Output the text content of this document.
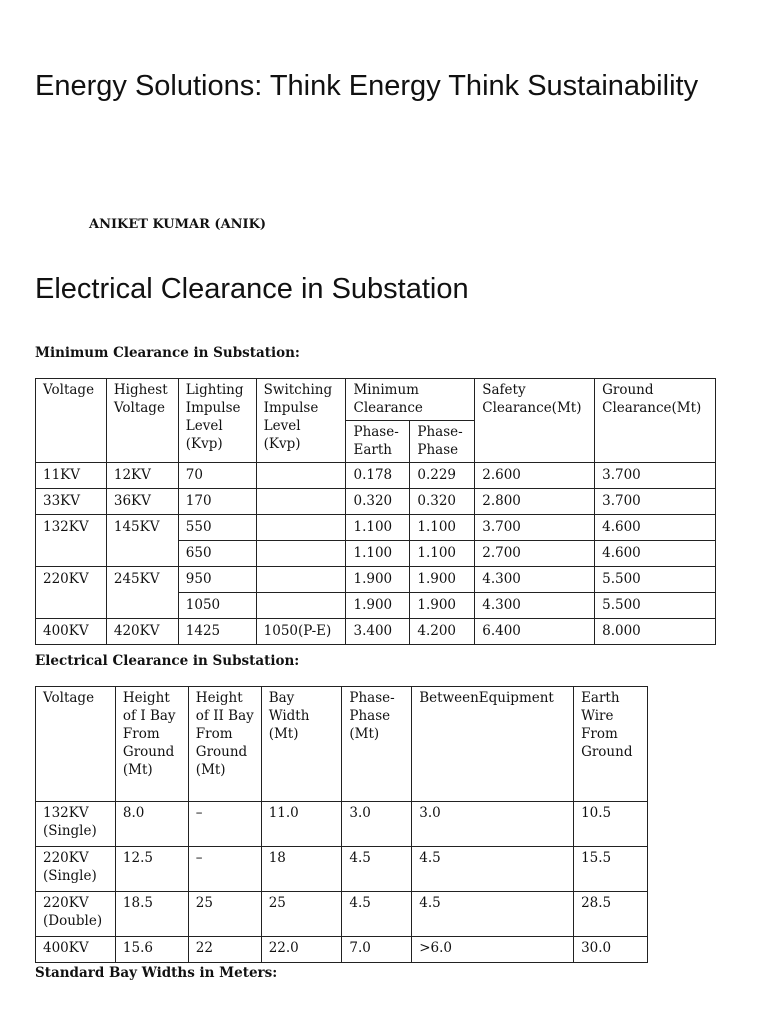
Energy Solutions: Think Energy Think Sustainability
ANIKET KUMAR (ANIK)
Electrical Clearance in Substation
Minimum Clearance in Substation:
Voltage	Highest Voltage	Lighting Impulse Level (Kvp)	Switching Impulse Level (Kvp)	Minimum Clearance		Safety Clearance(Mt)	Ground Clearance(Mt)
				Phase-Earth	Phase-Phase		
11KV	12KV	70		0.178	0.229	2.600	3.700
33KV	36KV	170		0.320	0.320	2.800	3.700
132KV	145KV	550		1.100	1.100	3.700	4.600
		650		1.100	1.100	2.700	4.600
220KV	245KV	950		1.900	1.900	4.300	5.500
		1050		1.900	1.900	4.300	5.500
400KV	420KV	1425	1050(P-E)	3.400	4.200	6.400	8.000
Electrical Clearance in Substation:
Voltage	Height of I Bay From Ground (Mt)	Height of II Bay From Ground (Mt)	Bay Width (Mt)	Phase-Phase (Mt)	BetweenEquipment	Earth Wire From Ground
132KV (Single)	8.0	–	11.0	3.0	3.0	10.5
220KV (Single)	12.5	–	18	4.5	4.5	15.5
220KV (Double)	18.5	25	25	4.5	4.5	28.5
400KV	15.6	22	22.0	7.0	>6.0	30.0
Standard Bay Widths in Meters:
